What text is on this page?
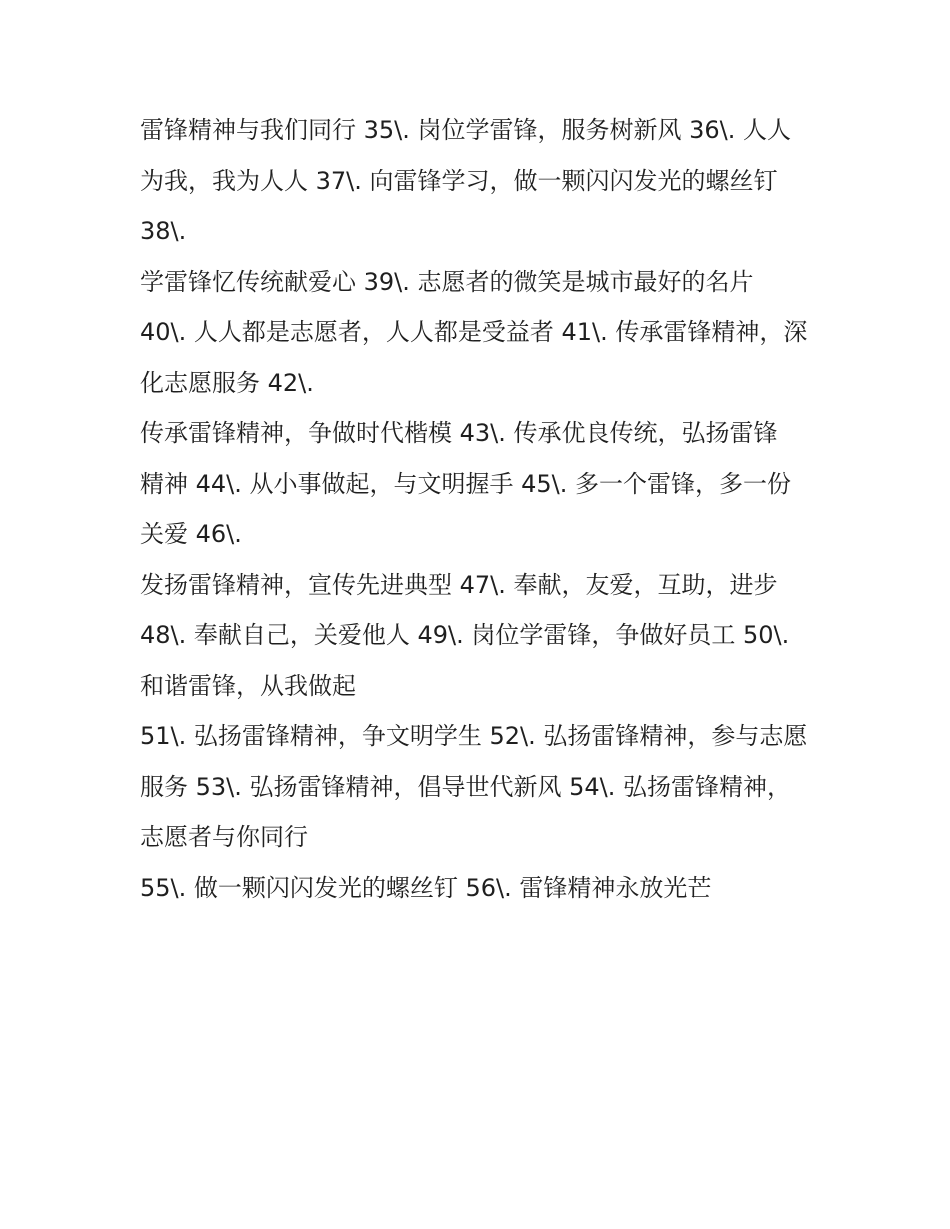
雷锋精神与我们同行 35\. 岗位学雷锋，服务树新风 36\. 人人
为我，我为人人 37\. 向雷锋学习，做一颗闪闪发光的螺丝钉
38\.
学雷锋忆传统献爱心 39\. 志愿者的微笑是城市最好的名片
40\. 人人都是志愿者，人人都是受益者 41\. 传承雷锋精神，深
化志愿服务 42\.
传承雷锋精神，争做时代楷模 43\. 传承优良传统，弘扬雷锋
精神 44\. 从小事做起，与文明握手 45\. 多一个雷锋，多一份
关爱 46\.
发扬雷锋精神，宣传先进典型 47\. 奉献，友爱，互助，进步
48\. 奉献自己，关爱他人 49\. 岗位学雷锋，争做好员工 50\.
和谐雷锋，从我做起
51\. 弘扬雷锋精神，争文明学生 52\. 弘扬雷锋精神，参与志愿
服务 53\. 弘扬雷锋精神，倡导世代新风 54\. 弘扬雷锋精神，
志愿者与你同行
55\. 做一颗闪闪发光的螺丝钉 56\. 雷锋精神永放光芒
